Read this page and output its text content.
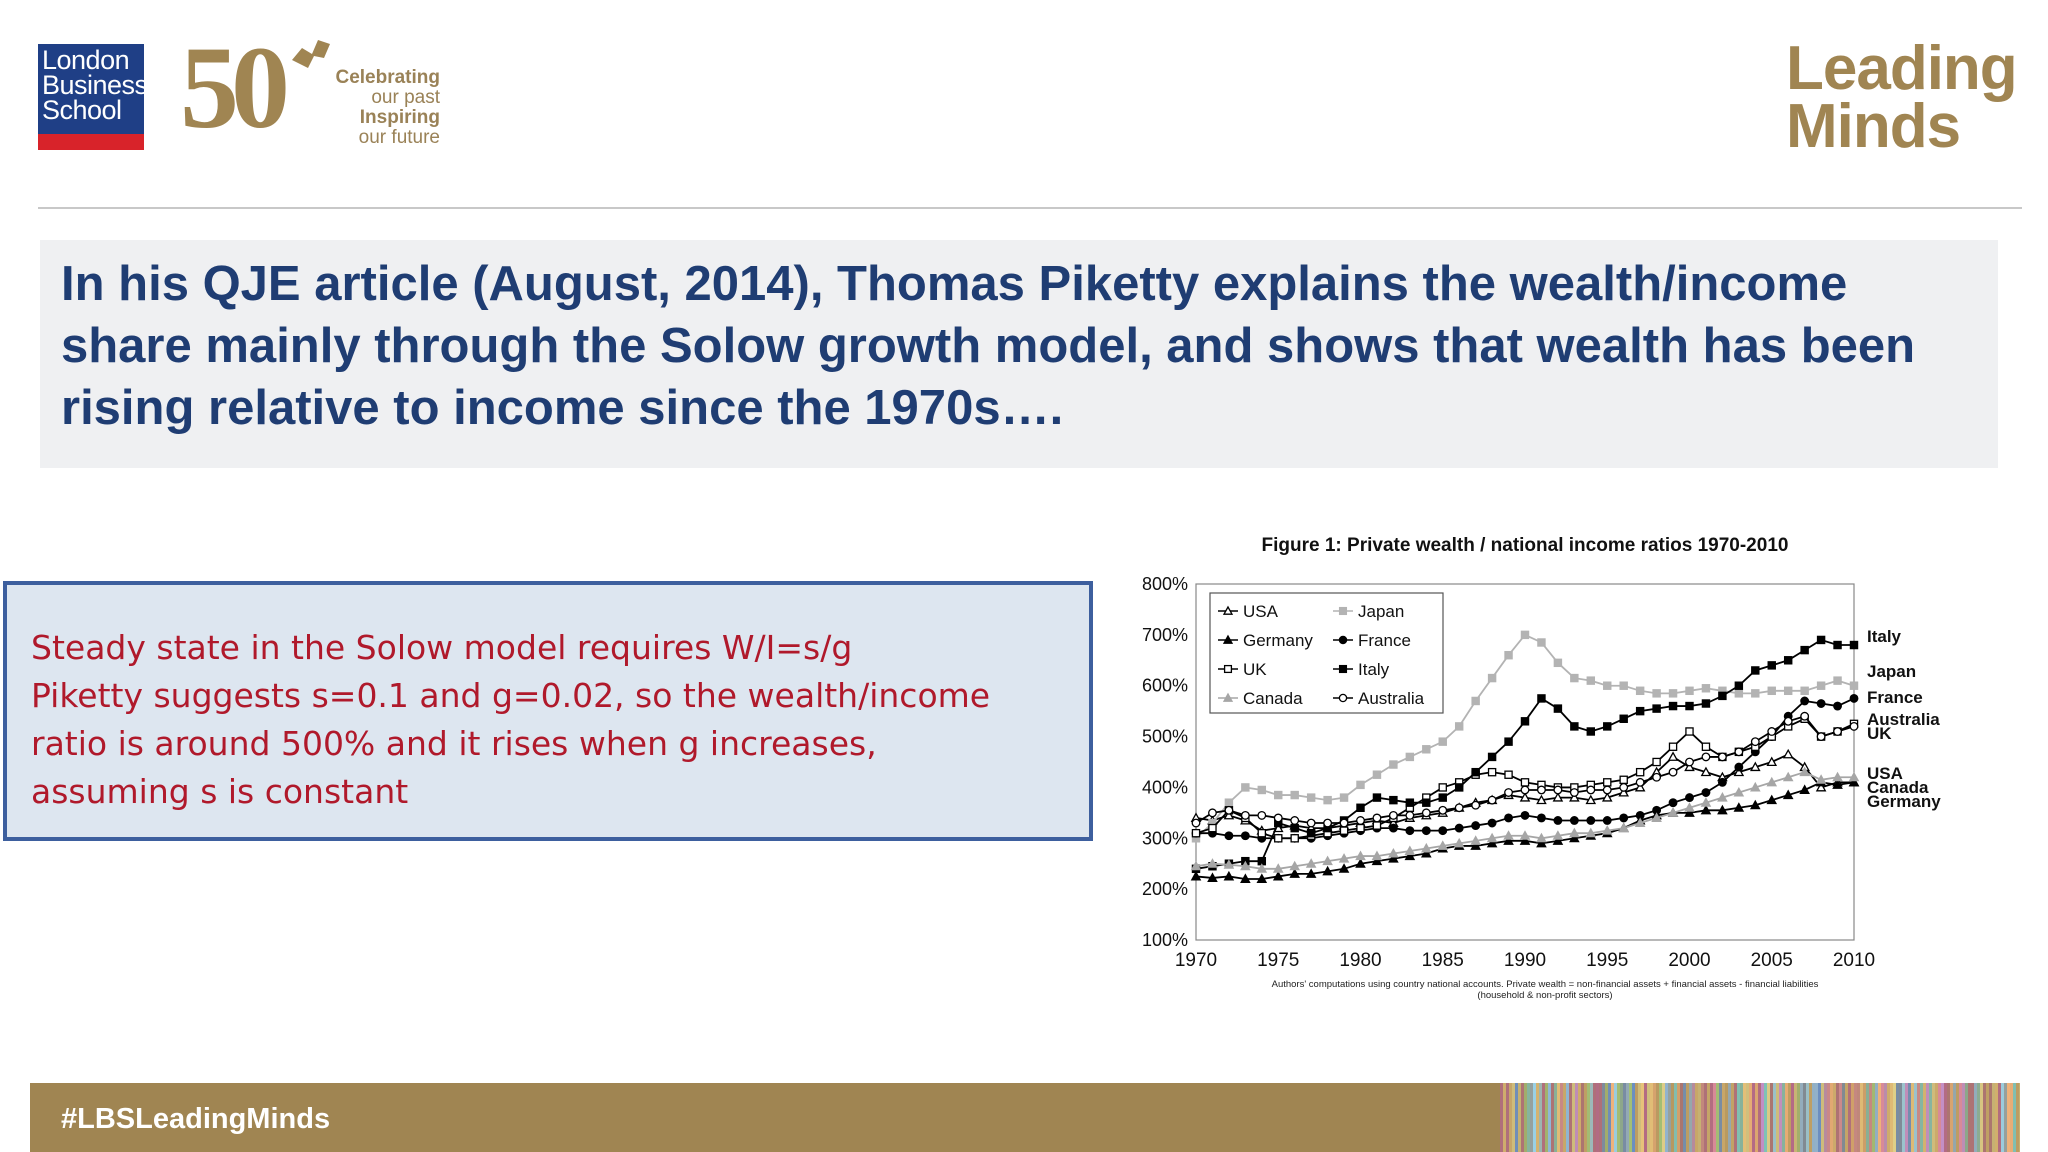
London
Business
School 50	Celebrating
our past
Inspiring
our future
Leading
Minds

In his QJE article (August, 2014), Thomas Piketty explains the wealth/income share mainly through the Solow growth model, and shows that wealth has been rising relative to income since the 1970s….

Steady state in the Solow model requires W/I=s/g
Piketty suggests s=0.1 and g=0.02, so the wealth/income
ratio is around 500% and it rises when g increases,
assuming s is constant
Figure 1: Private wealth / national income ratios 1970-2010
100%
200%
300%
400%
500%
600%
700%
800%
1970 1975 1980 1985 1990 1995 2000 2005 2010
USA	Japan
Germany	France
UK	Italy
Canada	Australia
Italy
Japan
France
Australia
UK
USA
Canada
Germany
Authors' computations using country national accounts. Private wealth = non-financial assets + financial assets - financial liabilities
(household & non-profit sectors)
#LBSLeadingMinds
